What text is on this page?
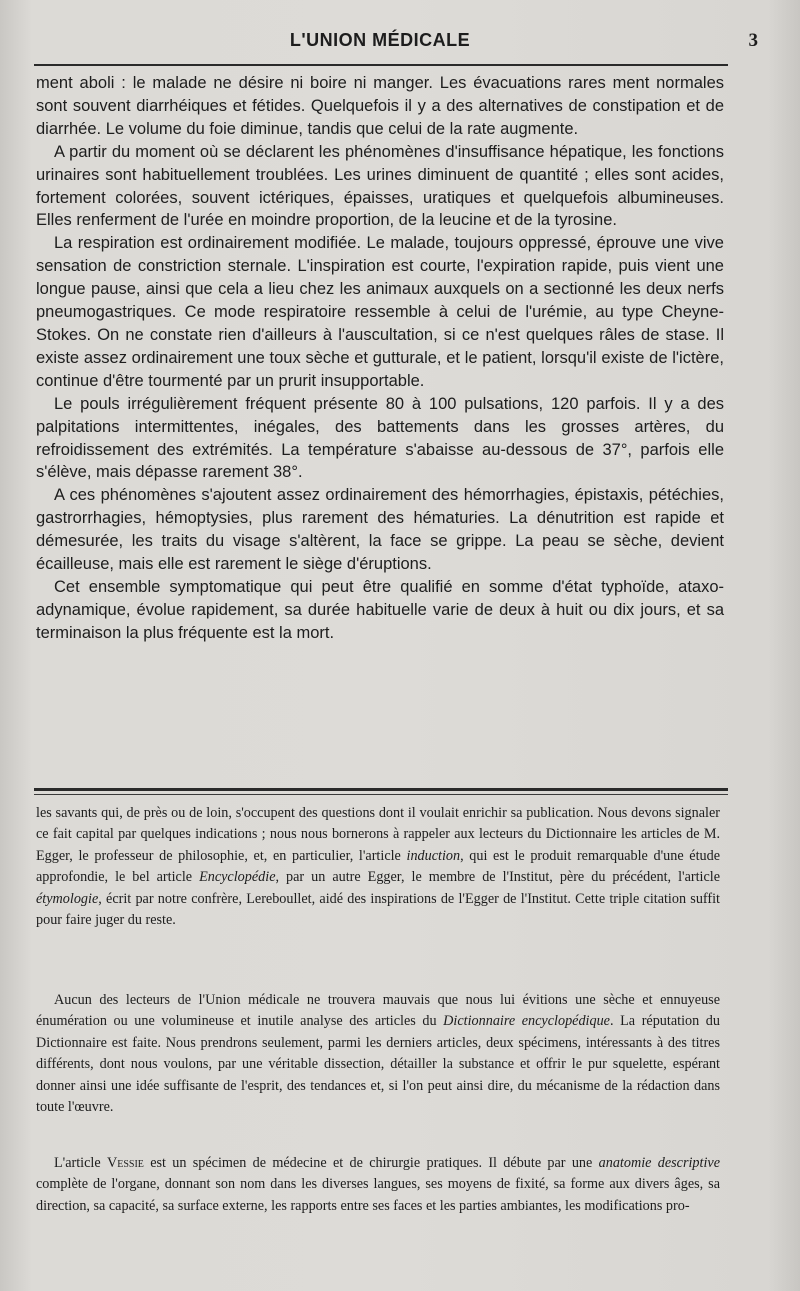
L'UNION MÉDICALE	3

ment aboli : le malade ne désire ni boire ni manger. Les évacuations rares ment normales sont souvent diarrhéiques et fétides. Quelquefois il y a des alternatives de constipation et de diarrhée. Le volume du foie diminue, tandis que celui de la rate augmente.

A partir du moment où se déclarent les phénomènes d'insuffisance hépatique, les fonctions urinaires sont habituellement troublées. Les urines diminuent de quantité ; elles sont acides, fortement colorées, souvent ictériques, épaisses, uratiques et quelquefois albumineuses. Elles renferment de l'urée en moindre proportion, de la leucine et de la tyrosine.

La respiration est ordinairement modifiée. Le malade, toujours oppressé, éprouve une vive sensation de constriction sternale. L'inspiration est courte, l'expiration rapide, puis vient une longue pause, ainsi que cela a lieu chez les animaux auxquels on a sectionné les deux nerfs pneumogastriques. Ce mode respiratoire ressemble à celui de l'urémie, au type Cheyne-Stokes. On ne constate rien d'ailleurs à l'auscultation, si ce n'est quelques râles de stase. Il existe assez ordinairement une toux sèche et gutturale, et le patient, lorsqu'il existe de l'ictère, continue d'être tourmenté par un prurit insupportable.

Le pouls irrégulièrement fréquent présente 80 à 100 pulsations, 120 parfois. Il y a des palpitations intermittentes, inégales, des battements dans les grosses artères, du refroidissement des extrémités. La température s'abaisse au-dessous de 37°, parfois elle s'élève, mais dépasse rarement 38°.

A ces phénomènes s'ajoutent assez ordinairement des hémorrhagies, épistaxis, pétéchies, gastrorrhagies, hémoptysies, plus rarement des hématuries. La dénutrition est rapide et démesurée, les traits du visage s'altèrent, la face se grippe. La peau se sèche, devient écailleuse, mais elle est rarement le siège d'éruptions.

Cet ensemble symptomatique qui peut être qualifié en somme d'état typhoïde, ataxo-adynamique, évolue rapidement, sa durée habituelle varie de deux à huit ou dix jours, et sa terminaison la plus fréquente est la mort.

les savants qui, de près ou de loin, s'occupent des questions dont il voulait enrichir sa publication. Nous devons signaler ce fait capital par quelques indications ; nous nous bornerons à rappeler aux lecteurs du Dictionnaire les articles de M. Egger, le professeur de philosophie, et, en particulier, l'article induction, qui est le produit remarquable d'une étude approfondie, le bel article Encyclopédie, par un autre Egger, le membre de l'Institut, père du précédent, l'article étymologie, écrit par notre confrère, Lereboullet, aidé des inspirations de l'Egger de l'Institut. Cette triple citation suffit pour faire juger du reste.

Aucun des lecteurs de l'Union médicale ne trouvera mauvais que nous lui évitions une sèche et ennuyeuse énumération ou une volumineuse et inutile analyse des articles du Dictionnaire encyclopédique. La réputation du Dictionnaire est faite. Nous prendrons seulement, parmi les derniers articles, deux spécimens, intéressants à des titres différents, dont nous voulons, par une véritable dissection, détailler la substance et offrir le pur squelette, espérant donner ainsi une idée suffisante de l'esprit, des tendances et, si l'on peut ainsi dire, du mécanisme de la rédaction dans toute l'œuvre.

L'article Vessie est un spécimen de médecine et de chirurgie pratiques. Il débute par une anatomie descriptive complète de l'organe, donnant son nom dans les diverses langues, ses moyens de fixité, sa forme aux divers âges, sa direction, sa capacité, sa surface externe, les rapports entre ses faces et les parties ambiantes, les modifications pro-
